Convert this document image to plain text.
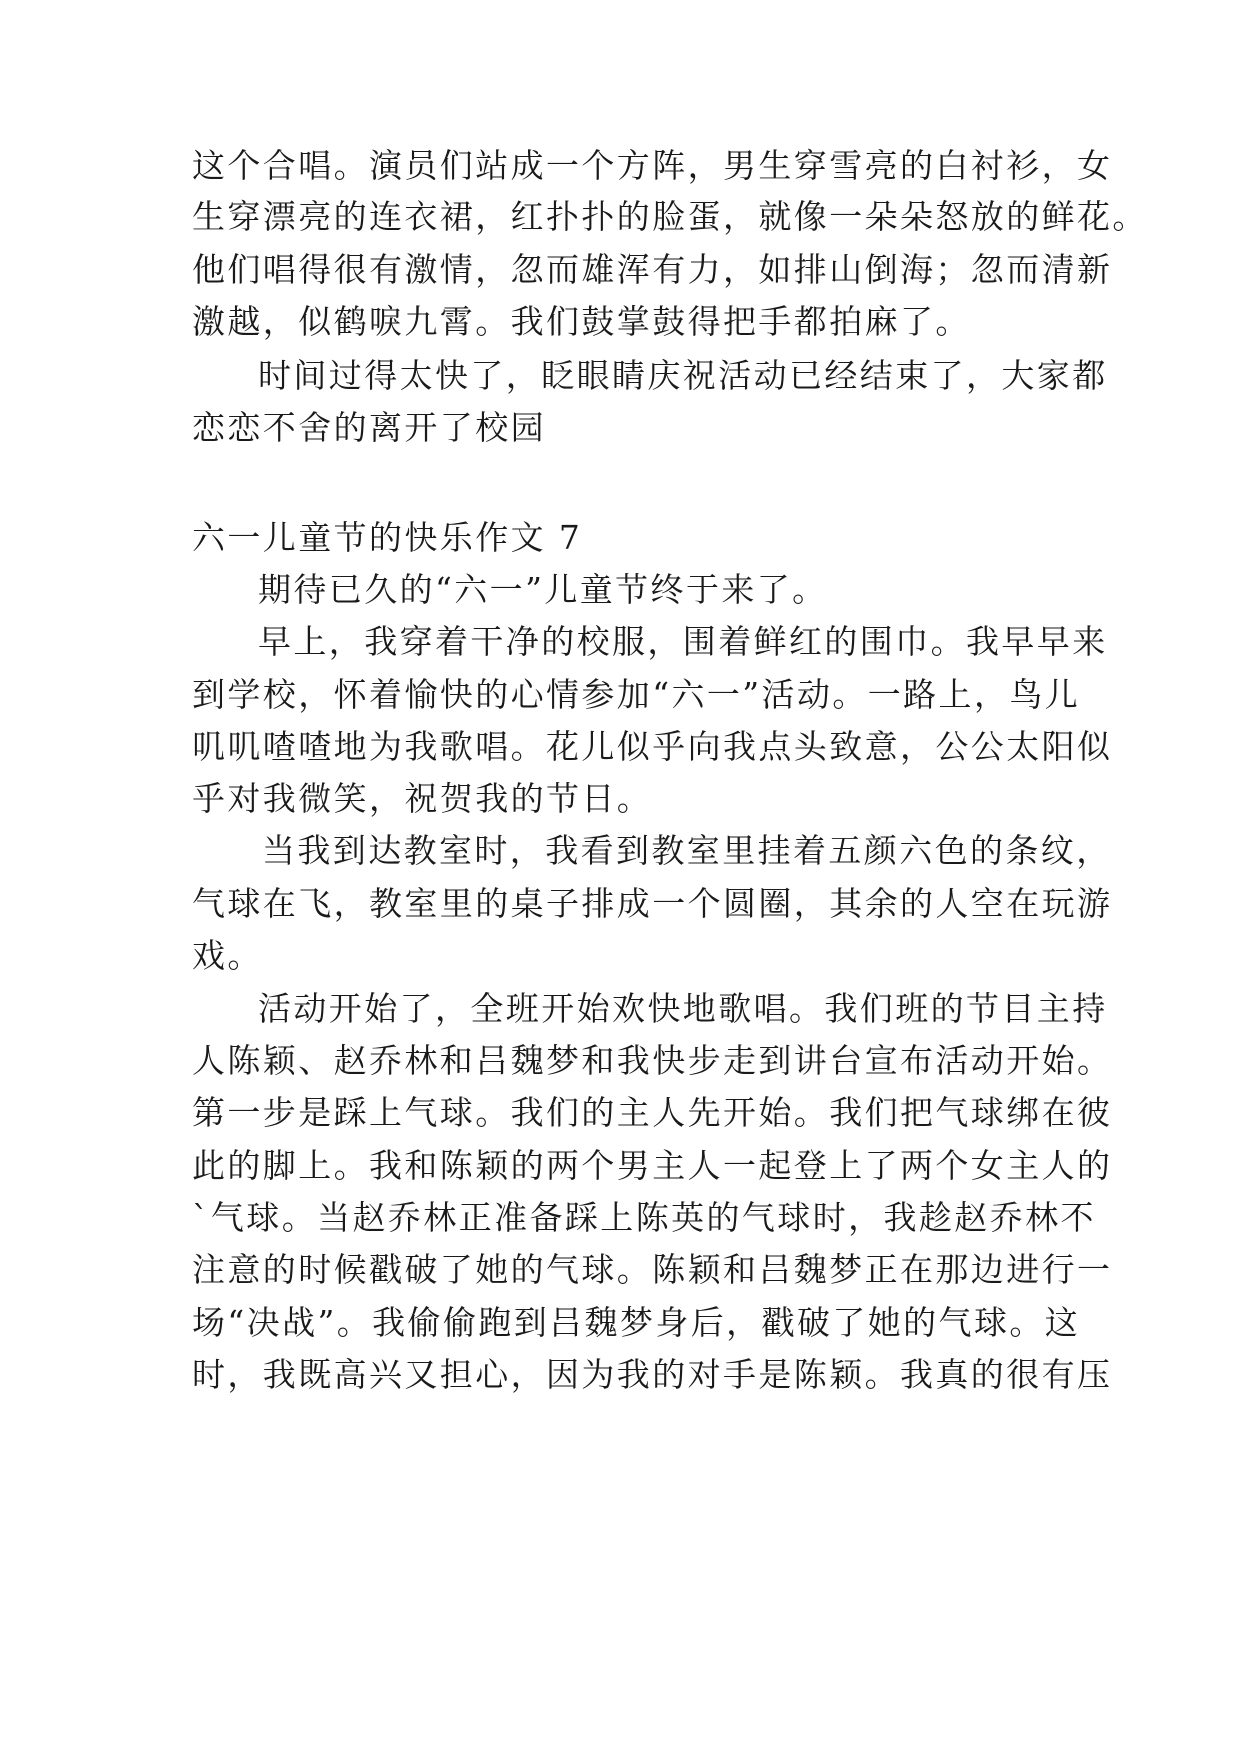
这个合唱。演员们站成一个方阵，男生穿雪亮的白衬衫，女
生穿漂亮的连衣裙，红扑扑的脸蛋，就像一朵朵怒放的鲜花。
他们唱得很有激情，忽而雄浑有力，如排山倒海；忽而清新
激越，似鹤唳九霄。我们鼓掌鼓得把手都拍麻了。
时间过得太快了，眨眼睛庆祝活动已经结束了，大家都
恋恋不舍的离开了校园
六一儿童节的快乐作文 7
期待已久的“六一”儿童节终于来了。
早上，我穿着干净的校服，围着鲜红的围巾。我早早来
到学校，怀着愉快的心情参加“六一”活动。一路上，鸟儿
叽叽喳喳地为我歌唱。花儿似乎向我点头致意，公公太阳似
乎对我微笑，祝贺我的节日。
当我到达教室时，我看到教室里挂着五颜六色的条纹，
气球在飞，教室里的桌子排成一个圆圈，其余的人空在玩游
戏。
活动开始了，全班开始欢快地歌唱。我们班的节目主持
人陈颖、赵乔林和吕魏梦和我快步走到讲台宣布活动开始。
第一步是踩上气球。我们的主人先开始。我们把气球绑在彼
此的脚上。我和陈颖的两个男主人一起登上了两个女主人的
`气球。当赵乔林正准备踩上陈英的气球时，我趁赵乔林不
注意的时候戳破了她的气球。陈颖和吕魏梦正在那边进行一
场“决战”。我偷偷跑到吕魏梦身后，戳破了她的气球。这
时，我既高兴又担心，因为我的对手是陈颖。我真的很有压
